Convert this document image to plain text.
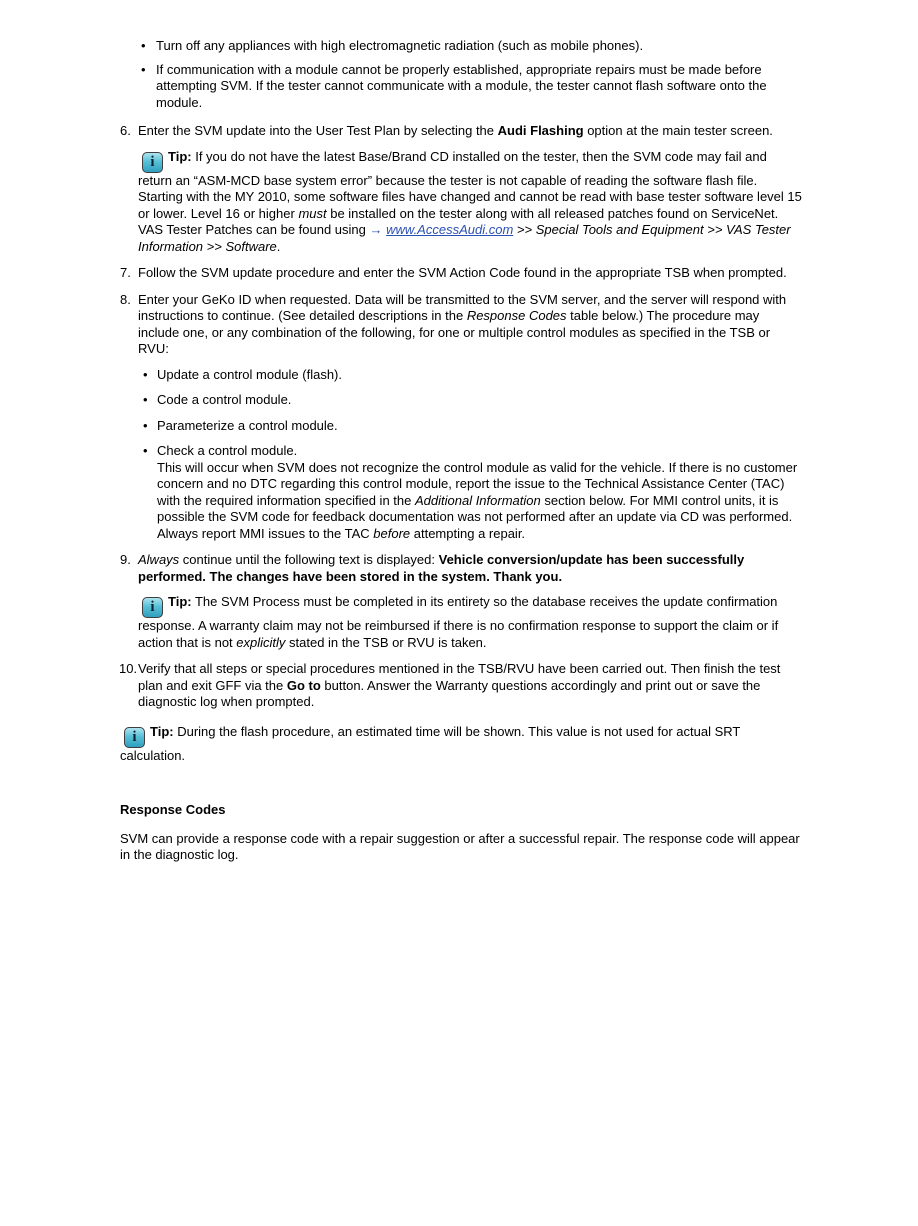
• Turn off any appliances with high electromagnetic radiation (such as mobile phones).
• If communication with a module cannot be properly established, appropriate repairs must be made before attempting SVM. If the tester cannot communicate with a module, the tester cannot flash software onto the module.
6. Enter the SVM update into the User Test Plan by selecting the Audi Flashing option at the main tester screen.

i Tip: If you do not have the latest Base/Brand CD installed on the tester, then the SVM code may fail and return an “ASM-MCD base system error” because the tester is not capable of reading the software flash file. Starting with the MY 2010, some software files have changed and cannot be read with base tester software level 15 or lower. Level 16 or higher must be installed on the tester along with all released patches found on ServiceNet.

VAS Tester Patches can be found using → www.AccessAudi.com >> Special Tools and Equipment >> VAS Tester Information >> Software.

7. Follow the SVM update procedure and enter the SVM Action Code found in the appropriate TSB when prompted.

8. Enter your GeKo ID when requested. Data will be transmitted to the SVM server, and the server will respond with instructions to continue. (See detailed descriptions in the Response Codes table below.) The procedure may include one, or any combination of the following, for one or multiple control modules as specified in the TSB or RVU:

• Update a control module (flash).
• Code a control module.
• Parameterize a control module.
• Check a control module.
This will occur when SVM does not recognize the control module as valid for the vehicle. If there is no customer concern and no DTC regarding this control module, report the issue to the Technical Assistance Center (TAC) with the required information specified in the Additional Information section below. For MMI control units, it is possible the SVM code for feedback documentation was not performed after an update via CD was performed. Always report MMI issues to the TAC before attempting a repair.
9. Always continue until the following text is displayed: Vehicle conversion/update has been successfully performed. The changes have been stored in the system. Thank you.

i Tip: The SVM Process must be completed in its entirety so the database receives the update confirmation response. A warranty claim may not be reimbursed if there is no confirmation response to support the claim or if action that is not explicitly stated in the TSB or RVU is taken.

10. Verify that all steps or special procedures mentioned in the TSB/RVU have been carried out. Then finish the test plan and exit GFF via the Go to button. Answer the Warranty questions accordingly and print out or save the diagnostic log when prompted.

i Tip: During the flash procedure, an estimated time will be shown. This value is not used for actual SRT calculation.

Response Codes

SVM can provide a response code with a repair suggestion or after a successful repair. The response code will appear in the diagnostic log.
